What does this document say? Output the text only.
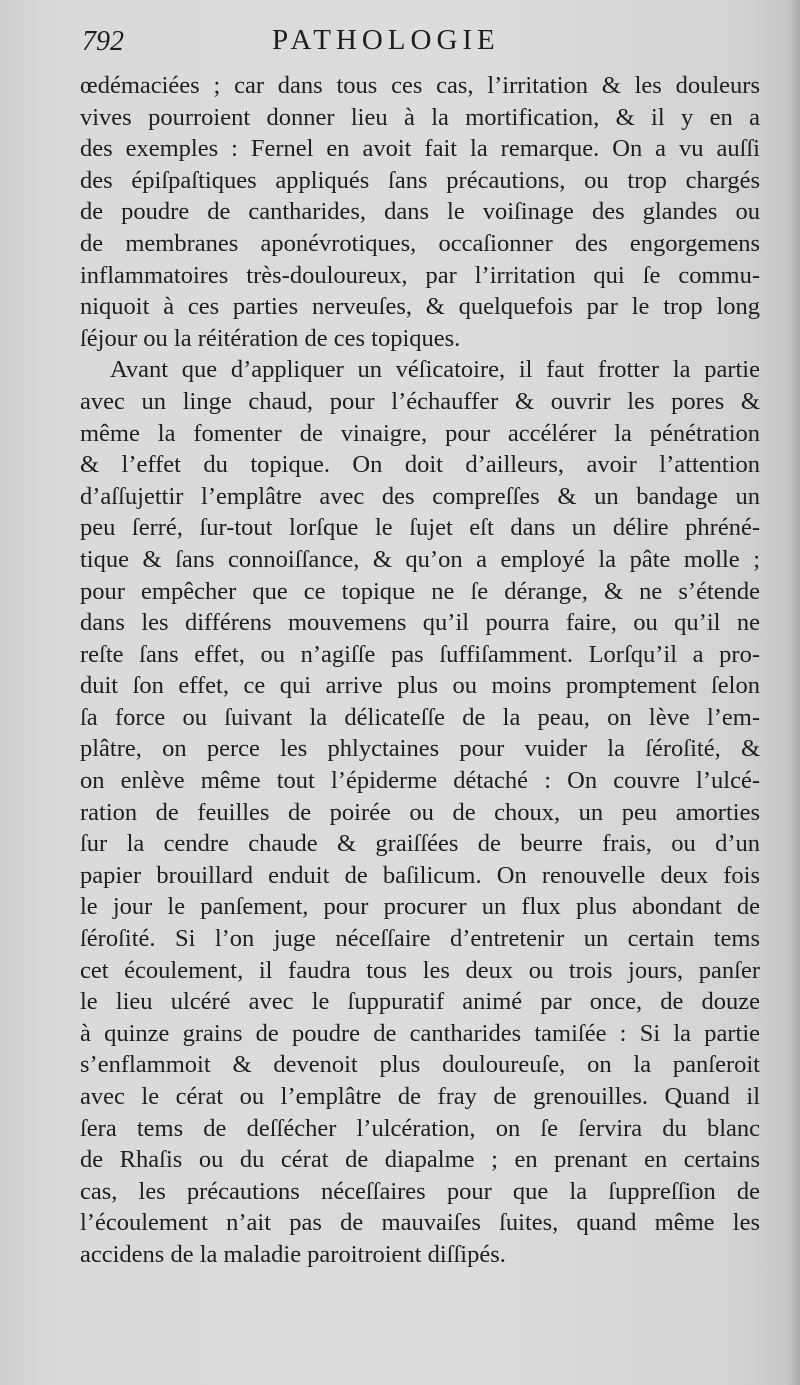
792	PATHOLOGIE
œdémaciées ; car dans tous ces cas, l’irritation & les douleurs
vives pourroient donner lieu à la mortification, & il y en a
des exemples : Fernel en avoit fait la remarque. On a vu auſſi
des épiſpaſtiques appliqués ſans précautions, ou trop chargés
de poudre de cantharides, dans le voiſinage des glandes ou
de membranes aponévrotiques, occaſionner des engorgemens
inflammatoires très-douloureux, par l’irritation qui ſe commu-
niquoit à ces parties nerveuſes, & quelquefois par le trop long
ſéjour ou la réitération de ces topiques.
Avant que d’appliquer un véſicatoire, il faut frotter la partie
avec un linge chaud, pour l’échauffer & ouvrir les pores &
même la fomenter de vinaigre, pour accélérer la pénétration
& l’effet du topique. On doit d’ailleurs, avoir l’attention
d’aſſujettir l’emplâtre avec des compreſſes & un bandage un
peu ſerré, ſur-tout lorſque le ſujet eſt dans un délire phréné-
tique & ſans connoiſſance, & qu’on a employé la pâte molle ;
pour empêcher que ce topique ne ſe dérange, & ne s’étende
dans les différens mouvemens qu’il pourra faire, ou qu’il ne
reſte ſans effet, ou n’agiſſe pas ſuffiſamment. Lorſqu’il a pro-
duit ſon effet, ce qui arrive plus ou moins promptement ſelon
ſa force ou ſuivant la délicateſſe de la peau, on lève l’em-
plâtre, on perce les phlyctaines pour vuider la ſéroſité, &
on enlève même tout l’épiderme détaché : On couvre l’ulcé-
ration de feuilles de poirée ou de choux, un peu amorties
ſur la cendre chaude & graiſſées de beurre frais, ou d’un
papier brouillard enduit de baſilicum. On renouvelle deux fois
le jour le panſement, pour procurer un flux plus abondant de
ſéroſité. Si l’on juge néceſſaire d’entretenir un certain tems
cet écoulement, il faudra tous les deux ou trois jours, panſer
le lieu ulcéré avec le ſuppuratif animé par once, de douze
à quinze grains de poudre de cantharides tamiſée : Si la partie
s’enflammoit & devenoit plus douloureuſe, on la panſeroit
avec le cérat ou l’emplâtre de fray de grenouilles. Quand il
ſera tems de deſſécher l’ulcération, on ſe ſervira du blanc
de Rhaſis ou du cérat de diapalme ; en prenant en certains
cas, les précautions néceſſaires pour que la ſuppreſſion de
l’écoulement n’ait pas de mauvaiſes ſuites, quand même les
accidens de la maladie paroitroient diſſipés.
